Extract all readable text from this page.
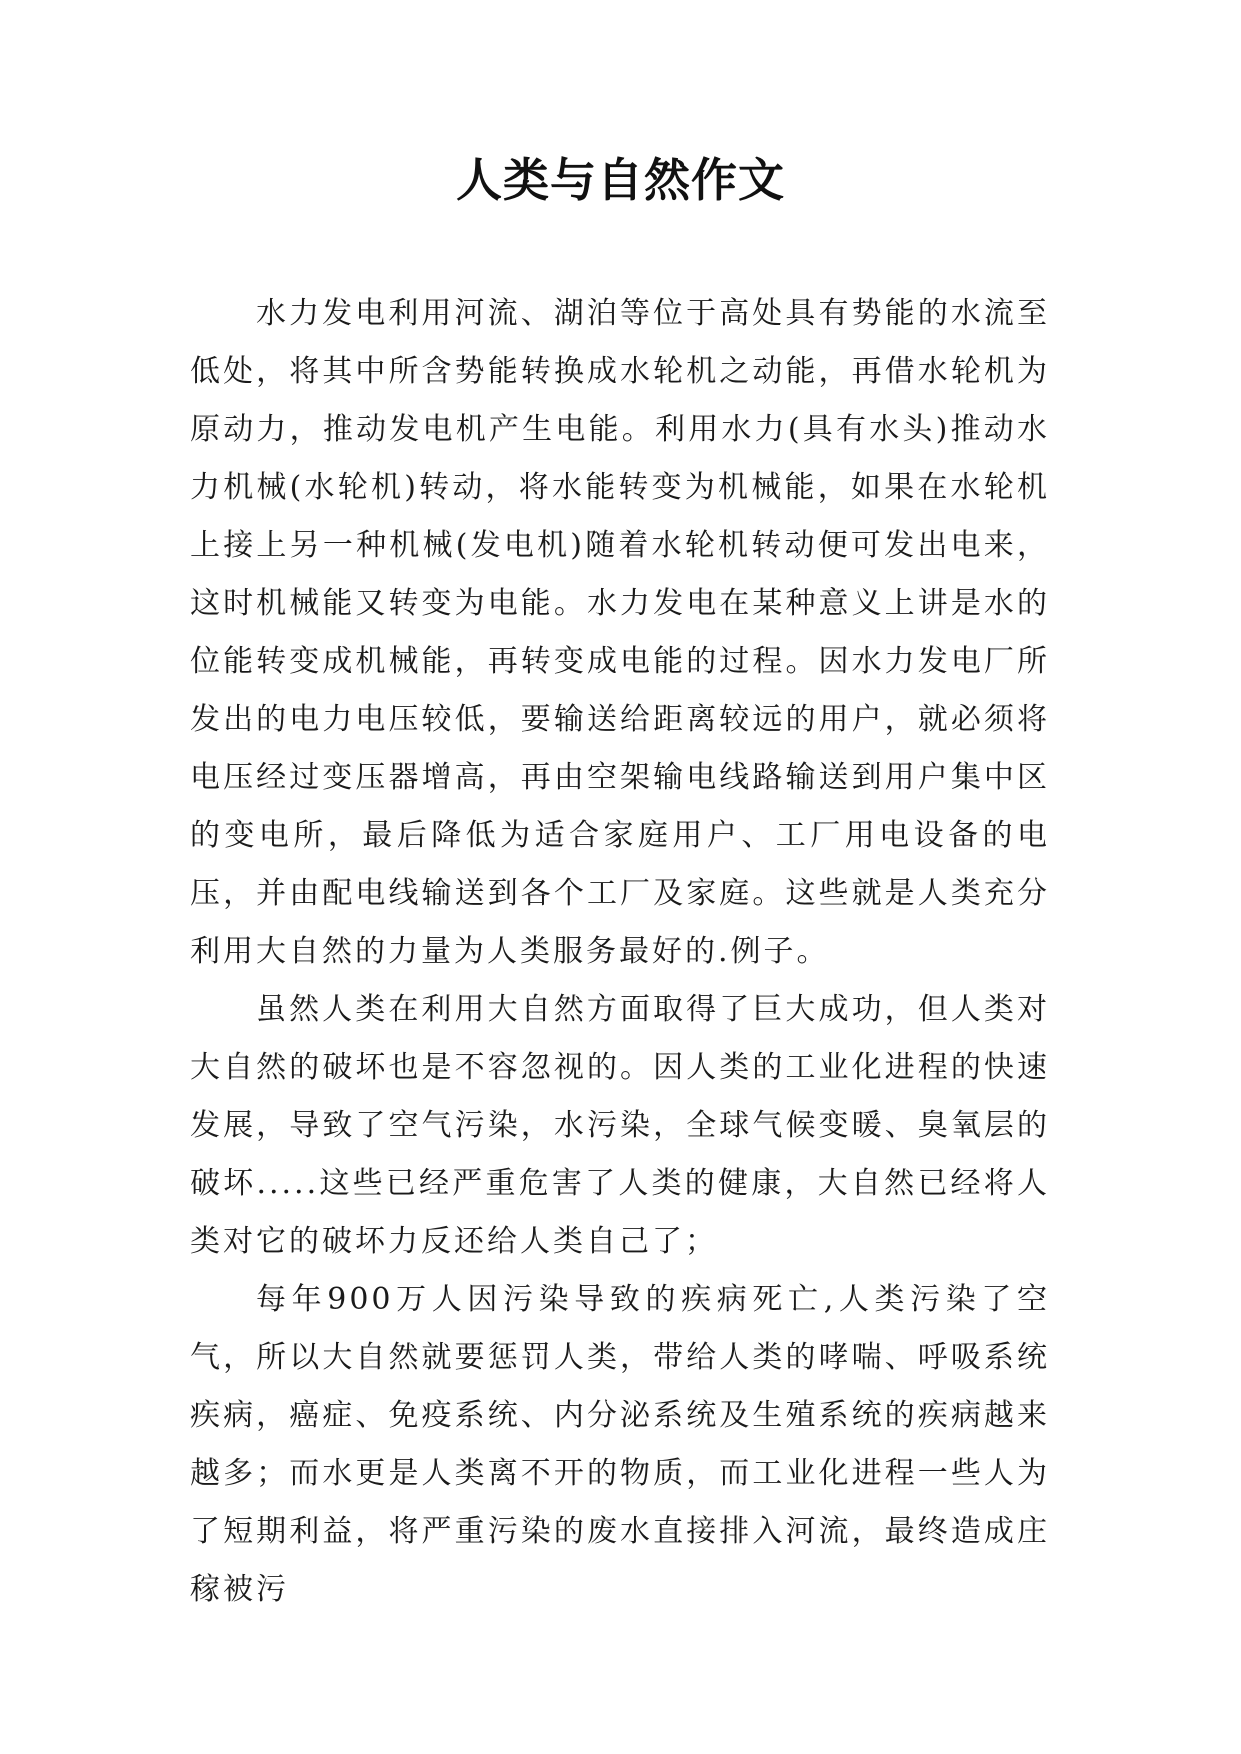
人类与自然作文

水力发电利用河流、湖泊等位于高处具有势能的水流至低处，将其中所含势能转换成水轮机之动能，再借水轮机为原动力，推动发电机产生电能。利用水力(具有水头)推动水力机械(水轮机)转动，将水能转变为机械能，如果在水轮机上接上另一种机械(发电机)随着水轮机转动便可发出电来，这时机械能又转变为电能。水力发电在某种意义上讲是水的位能转变成机械能，再转变成电能的过程。因水力发电厂所发出的电力电压较低，要输送给距离较远的用户，就必须将电压经过变压器增高，再由空架输电线路输送到用户集中区的变电所，最后降低为适合家庭用户、工厂用电设备的电压，并由配电线输送到各个工厂及家庭。这些就是人类充分利用大自然的力量为人类服务最好的.例子。

虽然人类在利用大自然方面取得了巨大成功，但人类对大自然的破坏也是不容忽视的。因人类的工业化进程的快速发展，导致了空气污染，水污染，全球气候变暖、臭氧层的破坏.....这些已经严重危害了人类的健康，大自然已经将人类对它的破坏力反还给人类自己了；

每年900万人因污染导致的疾病死亡,人类污染了空气，所以大自然就要惩罚人类，带给人类的哮喘、呼吸系统疾病，癌症、免疫系统、内分泌系统及生殖系统的疾病越来越多；而水更是人类离不开的物质，而工业化进程一些人为了短期利益，将严重污染的废水直接排入河流，最终造成庄稼被污
